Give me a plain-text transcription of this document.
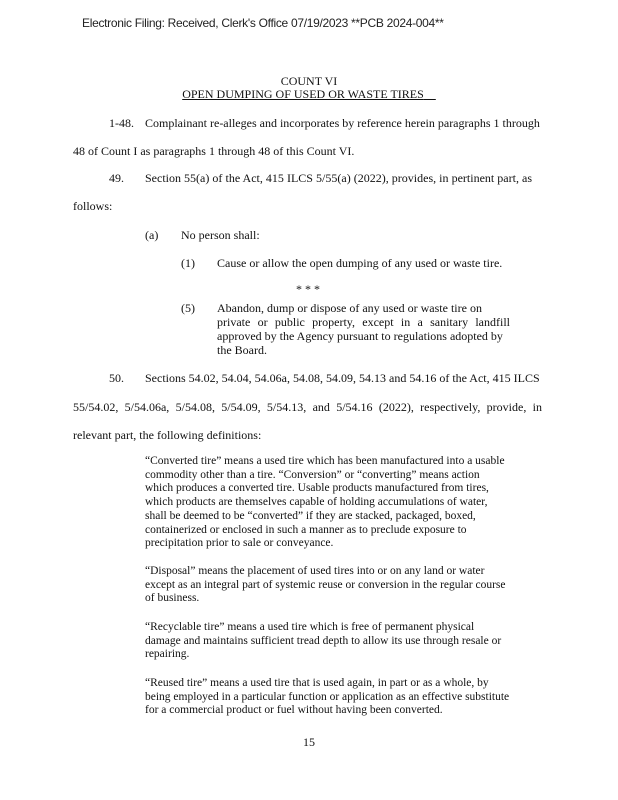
Electronic Filing: Received, Clerk's Office 07/19/2023 **PCB 2024-004**
COUNT VI
OPEN DUMPING OF USED OR WASTE TIRES
1-48. Complainant re-alleges and incorporates by reference herein paragraphs 1 through
48 of Count I as paragraphs 1 through 48 of this Count VI.
49. Section 55(a) of the Act, 415 ILCS 5/55(a) (2022), provides, in pertinent part, as
follows:
(a) No person shall:
(1) Cause or allow the open dumping of any used or waste tire.
* * *
(5) Abandon, dump or dispose of any used or waste tire on
private or public property, except in a sanitary landfill
approved by the Agency pursuant to regulations adopted by
the Board.
50. Sections 54.02, 54.04, 54.06a, 54.08, 54.09, 54.13 and 54.16 of the Act, 415 ILCS
55/54.02, 5/54.06a, 5/54.08, 5/54.09, 5/54.13, and 5/54.16 (2022), respectively, provide, in
relevant part, the following definitions:

“Converted tire” means a used tire which has been manufactured into a usable commodity other than a tire. “Conversion” or “converting” means action which produces a converted tire. Usable products manufactured from tires, which products are themselves capable of holding accumulations of water, shall be deemed to be “converted” if they are stacked, packaged, boxed, containerized or enclosed in such a manner as to preclude exposure to precipitation prior to sale or conveyance.

“Disposal” means the placement of used tires into or on any land or water except as an integral part of systemic reuse or conversion in the regular course of business.

“Recyclable tire” means a used tire which is free of permanent physical damage and maintains sufficient tread depth to allow its use through resale or repairing.

“Reused tire” means a used tire that is used again, in part or as a whole, by being employed in a particular function or application as an effective substitute for a commercial product or fuel without having been converted.

15
